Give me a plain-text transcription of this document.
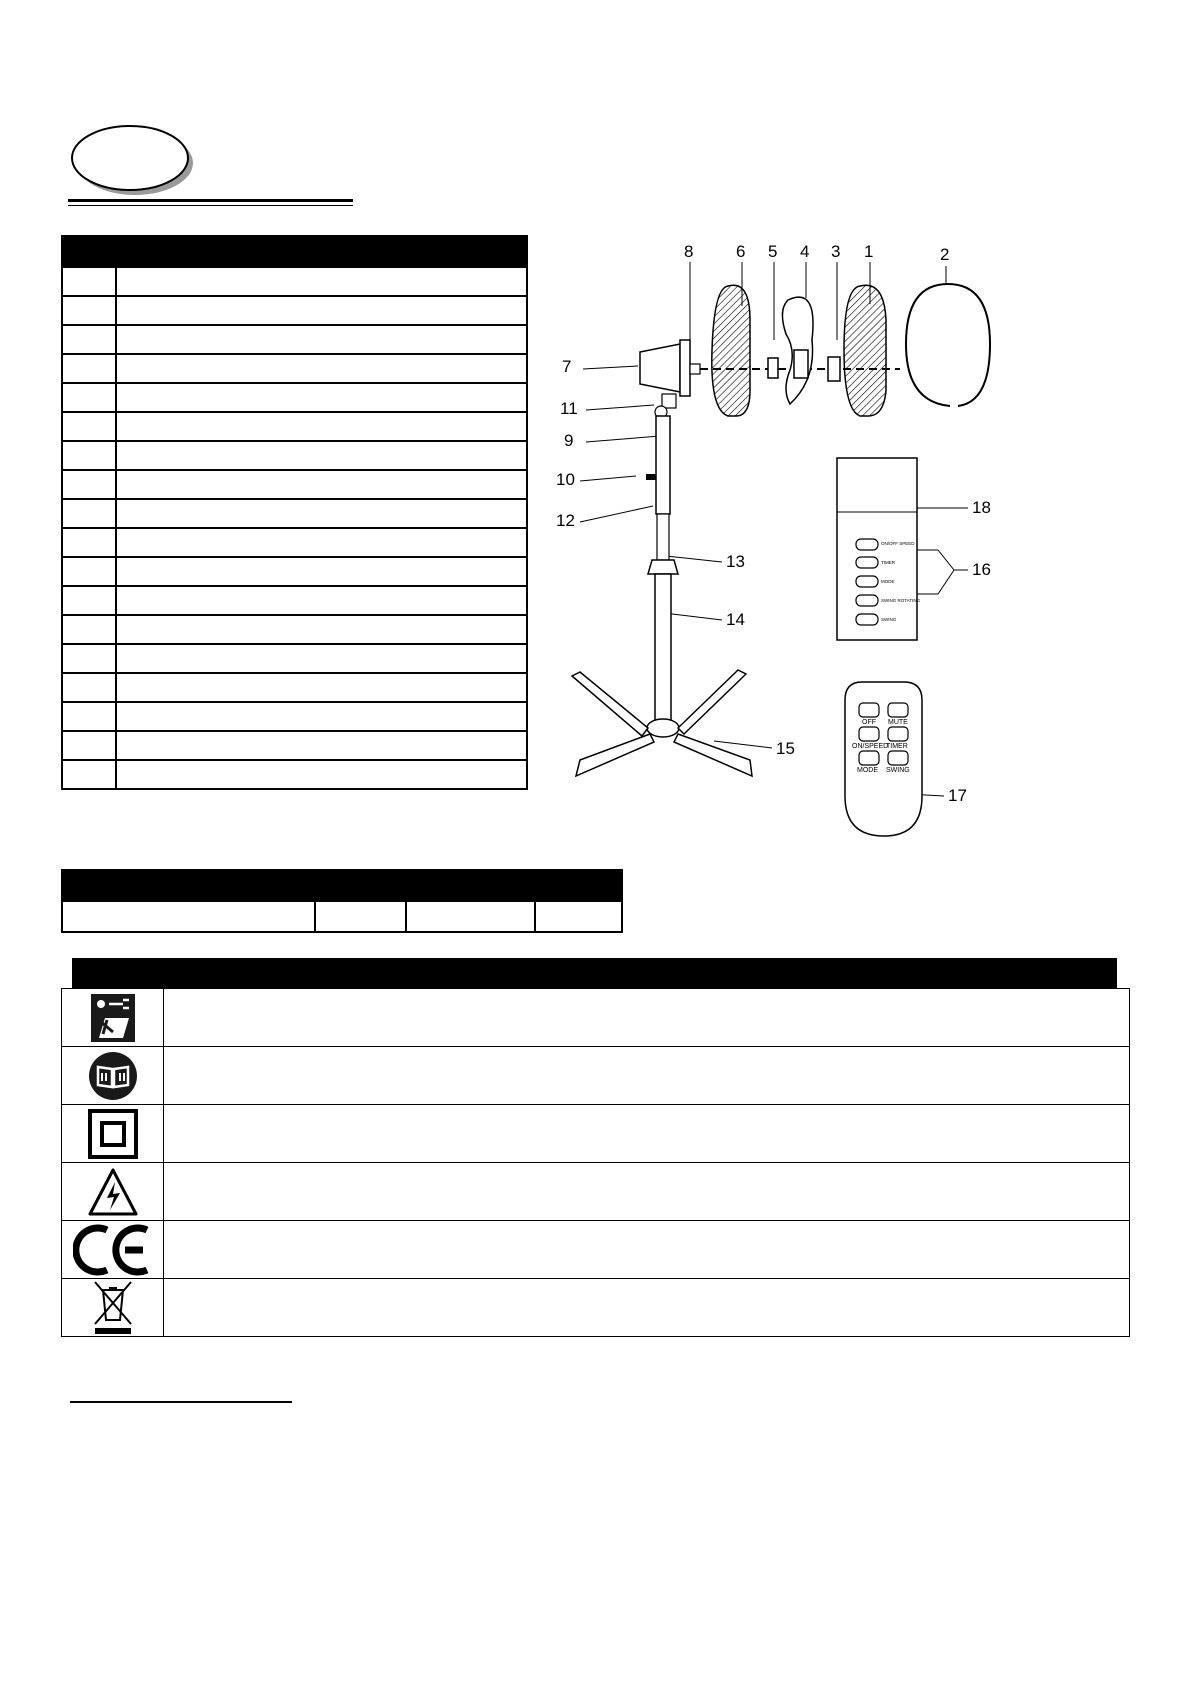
8	6 5 4 3 1	2
7
11
9
10
12
13
14
15
16
17
18
ON/OFF SPEED
TIMER
MODE
SWING ROTATING
SWING
OFF MUTE
ON/SPEED
TIMER
MODE SWING
